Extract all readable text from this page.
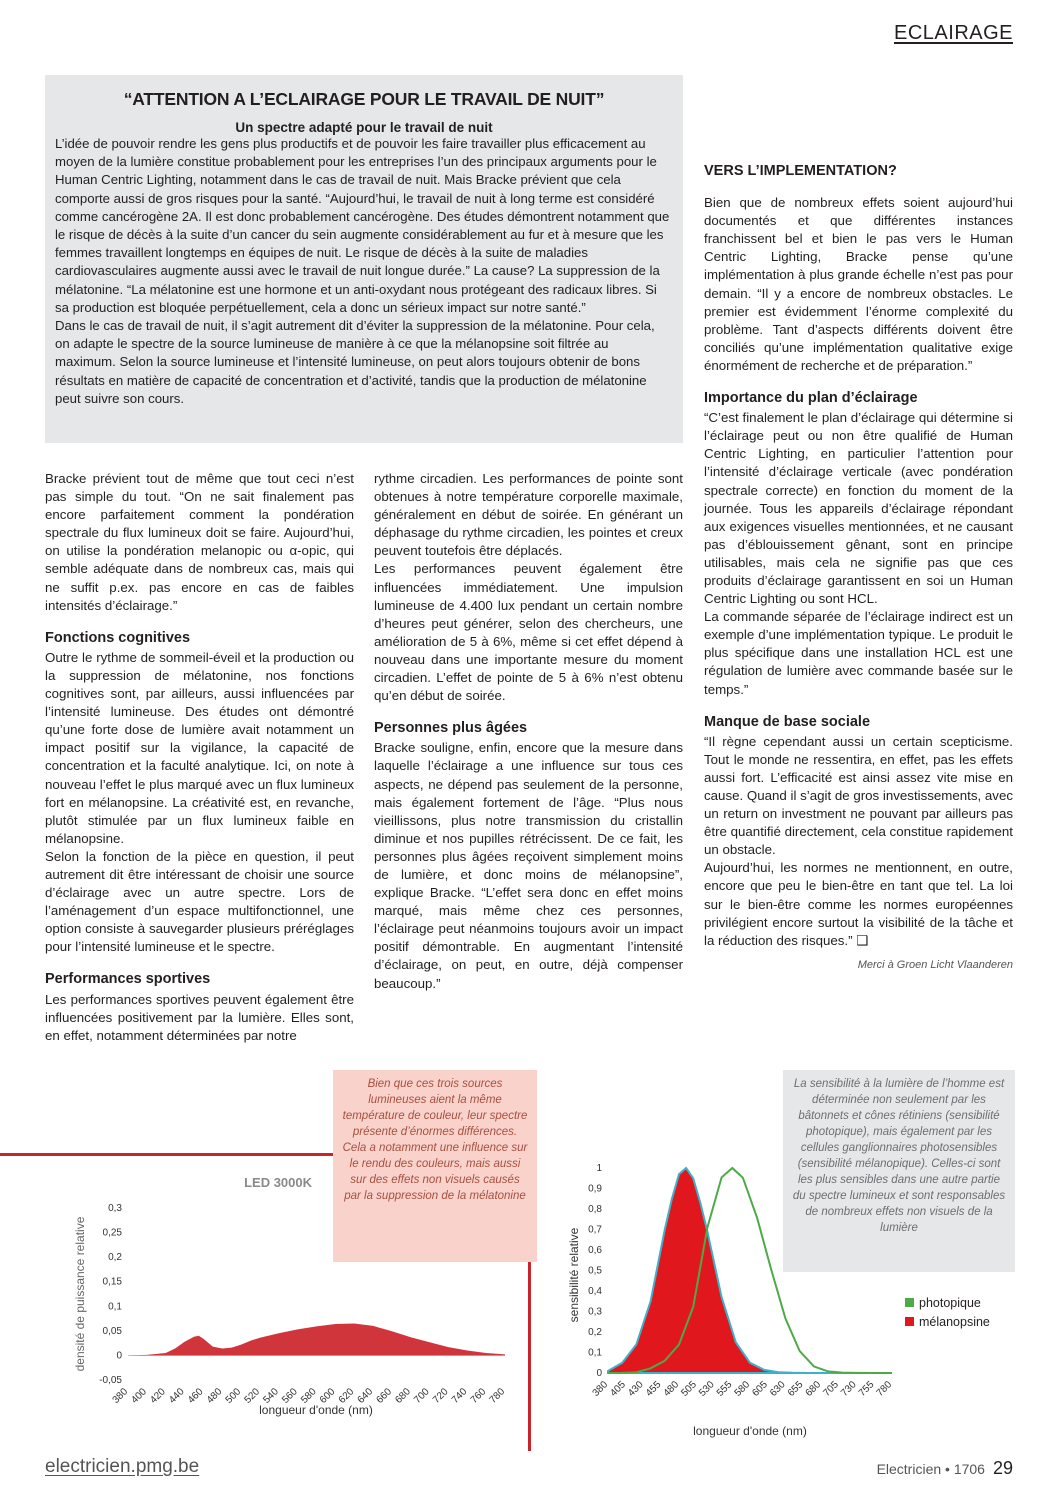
ECLAIRAGE
“ATTENTION A L’ECLAIRAGE POUR LE TRAVAIL DE NUIT”
Un spectre adapté pour le travail de nuit

L’idée de pouvoir rendre les gens plus productifs et de pouvoir les faire travailler plus efficacement au moyen de la lumière constitue probablement pour les entreprises l’un des principaux arguments pour le Human Centric Lighting, notamment dans le cas de travail de nuit. Mais Bracke prévient que cela comporte aussi de gros risques pour la santé. “Aujourd’hui, le travail de nuit à long terme est considéré comme cancérogène 2A. Il est donc probablement cancérogène. Des études démontrent notamment que le risque de décès à la suite d’un cancer du sein augmente considérablement au fur et à mesure que les femmes travaillent longtemps en équipes de nuit. Le risque de décès à la suite de maladies cardiovasculaires augmente aussi avec le travail de nuit longue durée.” La cause? La suppression de la mélatonine. “La mélatonine est une hormone et un anti-oxydant nous protégeant des radicaux libres. Si sa production est bloquée perpétuellement, cela a donc un sérieux impact sur notre santé.”

Dans le cas de travail de nuit, il s’agit autrement dit d’éviter la suppression de la mélatonine. Pour cela, on adapte le spectre de la source lumineuse de manière à ce que la mélanopsine soit filtrée au maximum. Selon la source lumineuse et l’intensité lumineuse, on peut alors toujours obtenir de bons résultats en matière de capacité de concentration et d’activité, tandis que la production de mélatonine peut suivre son cours.

Bracke prévient tout de même que tout ceci n’est pas simple du tout. “On ne sait finalement pas encore parfaitement comment la pondération spectrale du flux lumineux doit se faire. Aujourd’hui, on utilise la pondération melanopic ou α-opic, qui semble adéquate dans de nombreux cas, mais qui ne suffit p.ex. pas encore en cas de faibles intensités d’éclairage.”

Fonctions cognitives

Outre le rythme de sommeil-éveil et la production ou la suppression de mélatonine, nos fonctions cognitives sont, par ailleurs, aussi influencées par l’intensité lumineuse. Des études ont démontré qu’une forte dose de lumière avait notamment un impact positif sur la vigilance, la capacité de concentration et la faculté analytique. Ici, on note à nouveau l’effet le plus marqué avec un flux lumineux fort en mélanopsine. La créativité est, en revanche, plutôt stimulée par un flux lumineux faible en mélanopsine.

Selon la fonction de la pièce en question, il peut autrement dit être intéressant de choisir une source d’éclairage avec un autre spectre. Lors de l’aménagement d’un espace multifonctionnel, une option consiste à sauvegarder plusieurs préréglages pour l’intensité lumineuse et le spectre.

Performances sportives

Les performances sportives peuvent également être influencées positivement par la lumière. Elles sont, en effet, notamment déterminées par notre

rythme circadien. Les performances de pointe sont obtenues à notre température corporelle maximale, généralement en début de soirée. En générant un déphasage du rythme circadien, les pointes et creux peuvent toutefois être déplacés.

Les performances peuvent également être influencées immédiatement. Une impulsion lumineuse de 4.400 lux pendant un certain nombre d’heures peut générer, selon des chercheurs, une amélioration de 5 à 6%, même si cet effet dépend à nouveau dans une importante mesure du moment circadien. L’effet de pointe de 5 à 6% n’est obtenu qu’en début de soirée.

Personnes plus âgées

Bracke souligne, enfin, encore que la mesure dans laquelle l’éclairage a une influence sur tous ces aspects, ne dépend pas seulement de la personne, mais également fortement de l’âge. “Plus nous vieillissons, plus notre transmission du cristallin diminue et nos pupilles rétrécissent. De ce fait, les personnes plus âgées reçoivent simplement moins de lumière, et donc moins de mélanopsine”, explique Bracke. “L’effet sera donc en effet moins marqué, mais même chez ces personnes, l’éclairage peut néanmoins toujours avoir un impact positif démontrable. En augmentant l’intensité d’éclairage, on peut, en outre, déjà compenser beaucoup.”

VERS L’IMPLEMENTATION?

Bien que de nombreux effets soient aujourd’hui documentés et que différentes instances franchissent bel et bien le pas vers le Human Centric Lighting, Bracke pense qu’une implémentation à plus grande échelle n’est pas pour demain. “Il y a encore de nombreux obstacles. Le premier est évidemment l’énorme complexité du problème. Tant d’aspects différents doivent être conciliés qu’une implémentation qualitative exige énormément de recherche et de préparation.”

Importance du plan d’éclairage

“C’est finalement le plan d’éclairage qui détermine si l’éclairage peut ou non être qualifié de Human Centric Lighting, en particulier l’attention pour l’intensité d’éclairage verticale (avec pondération spectrale correcte) en fonction du moment de la journée. Tous les appareils d’éclairage répondant aux exigences visuelles mentionnées, et ne causant pas d’éblouissement gênant, sont en principe utilisables, mais cela ne signifie pas que ces produits d’éclairage garantissent en soi un Human Centric Lighting ou sont HCL.

La commande séparée de l’éclairage indirect est un exemple d’une implémentation typique. Le produit le plus spécifique dans une installation HCL est une régulation de lumière avec commande basée sur le temps.”

Manque de base sociale

“Il règne cependant aussi un certain scepticisme. Tout le monde ne ressentira, en effet, pas les effets aussi fort. L’efficacité est ainsi assez vite mise en cause. Quand il s’agit de gros investissements, avec un return on investment ne pouvant par ailleurs pas être quantifié directement, cela constitue rapidement un obstacle.

Aujourd’hui, les normes ne mentionnent, en outre, encore que peu le bien-être en tant que tel. La loi sur le bien-être comme les normes européennes privilégient encore surtout la visibilité de la tâche et la réduction des risques.” ❑

Merci à Groen Licht Vlaanderen

Bien que ces trois sources lumineuses aient la même température de couleur, leur spectre présente d’énormes différences. Cela a notamment une influence sur le rendu des couleurs, mais aussi sur des effets non visuels causés par la suppression de la mélatonine
La sensibilité à la lumière de l’homme est déterminée non seulement par les bâtonnets et cônes rétiniens (sensibilité photopique), mais également par les cellules ganglionnaires photosensibles (sensibilité mélanopique). Celles-ci sont les plus sensibles dans une autre partie du spectre lumineux et sont responsables de nombreux effets non visuels de la lumière
LED 3000K
-0,05
0
0,05
0,1
0,15
0,2
0,25
0,3
380 400 420 440 460 480 500 520 540 560 580 600 620 640 660 680 700 720 740 760 780
longueur d'onde (nm)
densité de puissance relative
0
0,1
0,2
0,3
0,4
0,5
0,6
0,7
0,8
0,9
1
380
405
430
455
480
505
530
555
580
605
630
655
680
705
730
755
780
photopique
mélanopsine
longueur d'onde (nm)
sensibilité relative
electricien.pmg.be	Electricien • 1706 29
